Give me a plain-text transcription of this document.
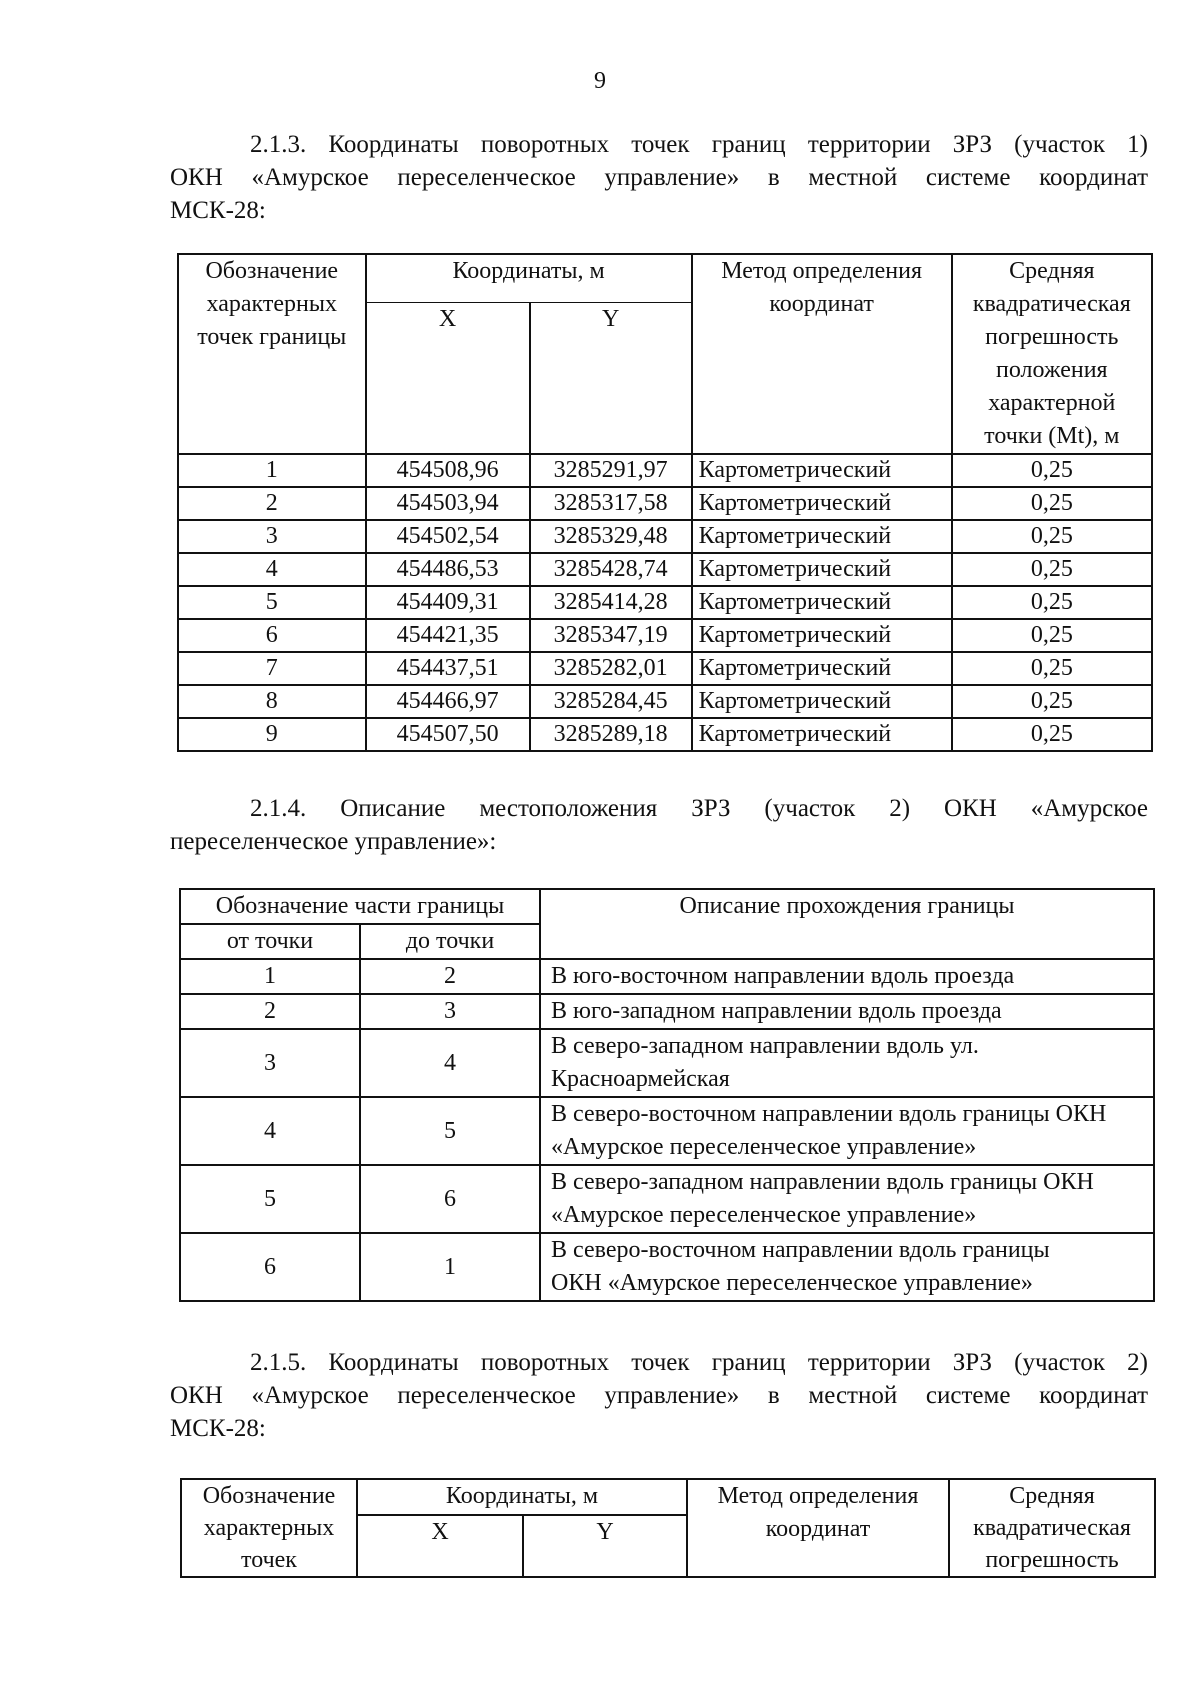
9
2.1.3. Координаты поворотных точек границ территории ЗРЗ (участок 1)
ОКН «Амурское переселенческое управление» в местной системе координат
МСК-28:
Обозначение характерных точек границы	Координаты, м		Метод определения координат	Средняя квадратическая погрешность положения характерной точки (Mt), м
	X	Y		
1	454508,96	3285291,97	Картометрический	0,25
2	454503,94	3285317,58	Картометрический	0,25
3	454502,54	3285329,48	Картометрический	0,25
4	454486,53	3285428,74	Картометрический	0,25
5	454409,31	3285414,28	Картометрический	0,25
6	454421,35	3285347,19	Картометрический	0,25
7	454437,51	3285282,01	Картометрический	0,25
8	454466,97	3285284,45	Картометрический	0,25
9	454507,50	3285289,18	Картометрический	0,25
2.1.4. Описание местоположения ЗРЗ (участок 2) ОКН «Амурское
переселенческое управление»:
Обозначение части границы		Описание прохождения границы
от точки	до точки	
1	2	В юго-восточном направлении вдоль проезда
2	3	В юго-западном направлении вдоль проезда
3	4	В северо-западном направлении вдоль ул. Красноармейская
4	5	В северо-восточном направлении вдоль границы ОКН «Амурское переселенческое управление»
5	6	В северо-западном направлении вдоль границы ОКН «Амурское переселенческое управление»
6	1	В северо-восточном направлении вдоль границы ОКН «Амурское переселенческое управление»
2.1.5. Координаты поворотных точек границ территории ЗРЗ (участок 2)
ОКН «Амурское переселенческое управление» в местной системе координат
МСК-28:
Обозначение характерных точек	Координаты, м		Метод определения координат	Средняя квадратическая погрешность
	X	Y		
